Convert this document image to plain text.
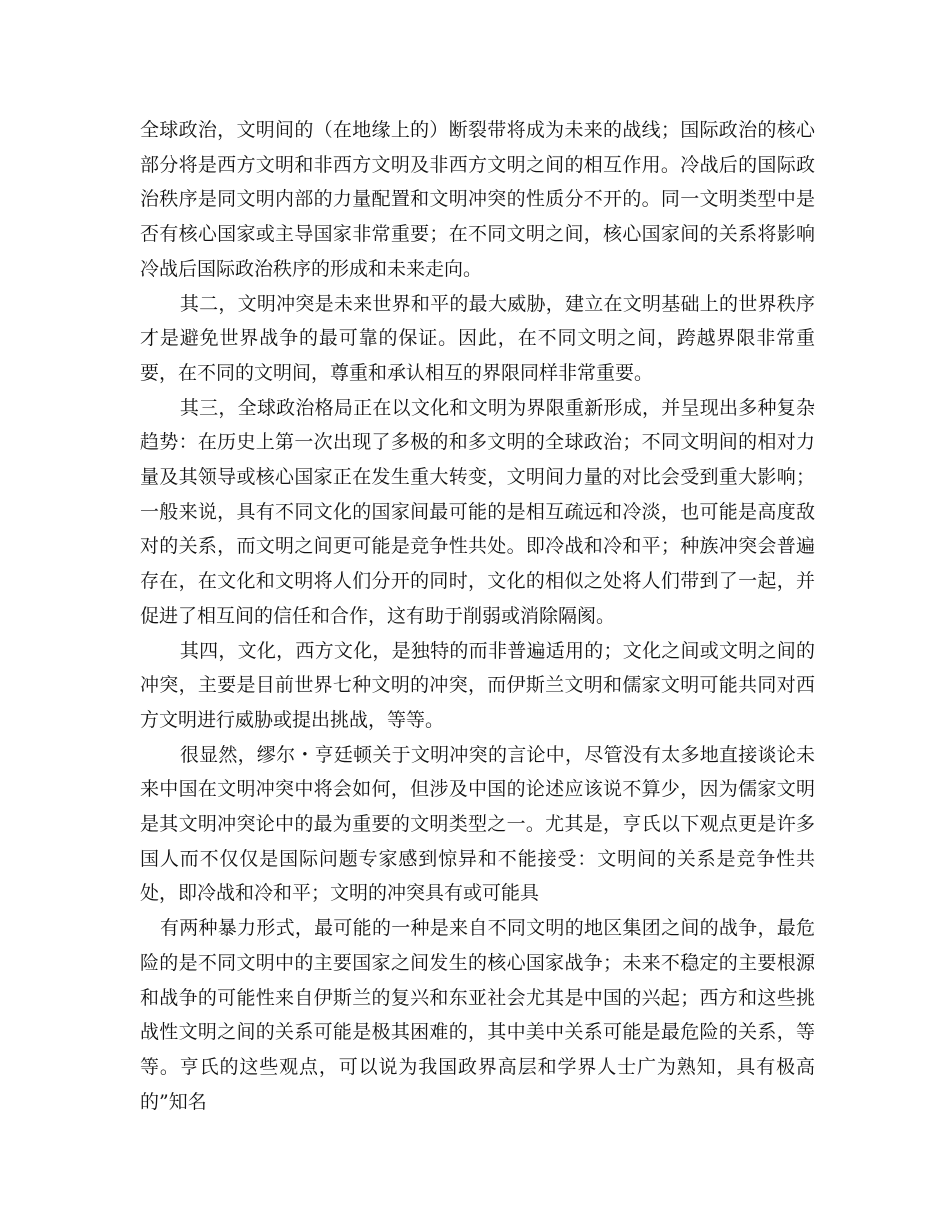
全球政治，文明间的（在地缘上的）断裂带将成为未来的战线；国际政治的核心部分将是西方文明和非西方文明及非西方文明之间的相互作用。冷战后的国际政治秩序是同文明内部的力量配置和文明冲突的性质分不开的。同一文明类型中是否有核心国家或主导国家非常重要；在不同文明之间，核心国家间的关系将影响冷战后国际政治秩序的形成和未来走向。

其二，文明冲突是未来世界和平的最大威胁，建立在文明基础上的世界秩序才是避免世界战争的最可靠的保证。因此，在不同文明之间，跨越界限非常重要，在不同的文明间，尊重和承认相互的界限同样非常重要。

其三，全球政治格局正在以文化和文明为界限重新形成，并呈现出多种复杂趋势：在历史上第一次出现了多极的和多文明的全球政治；不同文明间的相对力量及其领导或核心国家正在发生重大转变，文明间力量的对比会受到重大影响；一般来说，具有不同文化的国家间最可能的是相互疏远和冷淡，也可能是高度敌对的关系，而文明之间更可能是竞争性共处。即冷战和冷和平；种族冲突会普遍存在，在文化和文明将人们分开的同时，文化的相似之处将人们带到了一起，并促进了相互间的信任和合作，这有助于削弱或消除隔阂。

其四，文化，西方文化，是独特的而非普遍适用的；文化之间或文明之间的冲突，主要是目前世界七种文明的冲突，而伊斯兰文明和儒家文明可能共同对西方文明进行威胁或提出挑战，等等。

很显然，缪尔・亨廷顿关于文明冲突的言论中，尽管没有太多地直接谈论未来中国在文明冲突中将会如何，但涉及中国的论述应该说不算少，因为儒家文明是其文明冲突论中的最为重要的文明类型之一。尤其是，亨氏以下观点更是许多国人而不仅仅是国际问题专家感到惊异和不能接受：文明间的关系是竞争性共处，即冷战和冷和平；文明的冲突具有或可能具

有两种暴力形式，最可能的一种是来自不同文明的地区集团之间的战争，最危险的是不同文明中的主要国家之间发生的核心国家战争；未来不稳定的主要根源和战争的可能性来自伊斯兰的复兴和东亚社会尤其是中国的兴起；西方和这些挑战性文明之间的关系可能是极其困难的，其中美中关系可能是最危险的关系，等等。亨氏的这些观点，可以说为我国政界高层和学界人士广为熟知，具有极高的”知名
